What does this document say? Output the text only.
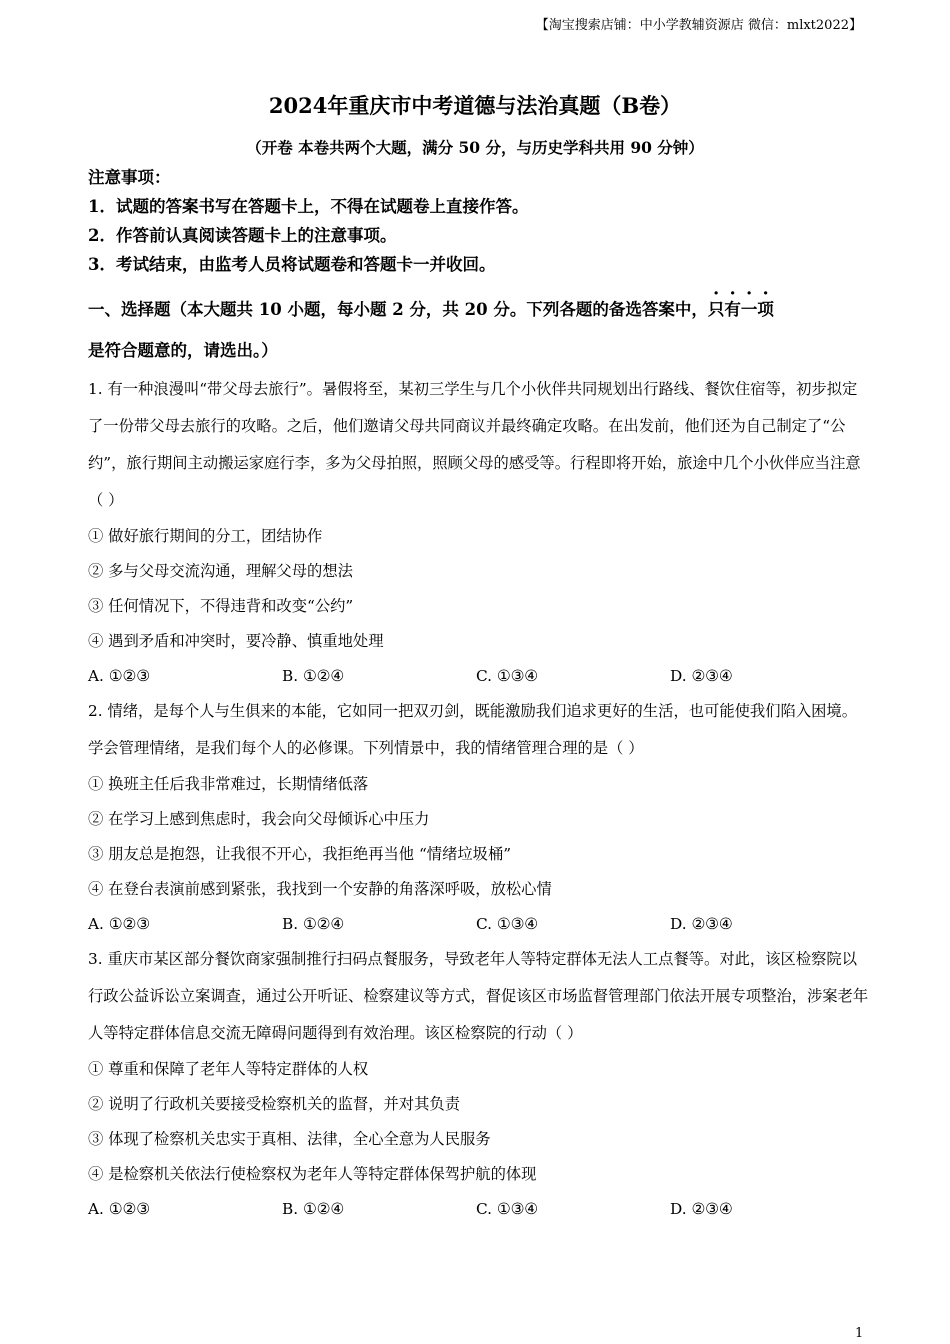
【淘宝搜索店铺：中小学教辅资源店 微信：mlxt2022】
2024年重庆市中考道德与法治真题（B卷）
（开卷 本卷共两个大题，满分 50 分，与历史学科共用 90 分钟）
注意事项：
1．试题的答案书写在答题卡上，不得在试题卷上直接作答。
2．作答前认真阅读答题卡上的注意事项。
3．考试结束，由监考人员将试题卷和答题卡一并收回。
一、选择题（本大题共 10 小题，每小题 2 分，共 20 分。下列各题的备选答案中，只有一项
是符合题意的，请选出。）
1. 有一种浪漫叫“带父母去旅行”。暑假将至，某初三学生与几个小伙伴共同规划出行路线、餐饮住宿等，初步拟定了一份带父母去旅行的攻略。之后，他们邀请父母共同商议并最终确定攻略。在出发前，他们还为自己制定了“公约”，旅行期间主动搬运家庭行李，多为父母拍照，照顾父母的感受等。行程即将开始，旅途中几个小伙伴应当注意（ ）
① 做好旅行期间的分工，团结协作
② 多与父母交流沟通，理解父母的想法
③ 任何情况下，不得违背和改变“公约”
④ 遇到矛盾和冲突时，要冷静、慎重地处理
A. ①②③	B. ①②④	C. ①③④	D. ②③④
2. 情绪，是每个人与生俱来的本能，它如同一把双刃剑，既能激励我们追求更好的生活，也可能使我们陷入困境。学会管理情绪，是我们每个人的必修课。下列情景中，我的情绪管理合理的是（ ）
① 换班主任后我非常难过，长期情绪低落
② 在学习上感到焦虑时，我会向父母倾诉心中压力
③ 朋友总是抱怨，让我很不开心，我拒绝再当他 “情绪垃圾桶”
④ 在登台表演前感到紧张，我找到一个安静的角落深呼吸，放松心情
A. ①②③	B. ①②④	C. ①③④	D. ②③④
3. 重庆市某区部分餐饮商家强制推行扫码点餐服务，导致老年人等特定群体无法人工点餐等。对此，该区检察院以行政公益诉讼立案调查，通过公开听证、检察建议等方式，督促该区市场监督管理部门依法开展专项整治，涉案老年人等特定群体信息交流无障碍问题得到有效治理。该区检察院的行动（ ）
① 尊重和保障了老年人等特定群体的人权
② 说明了行政机关要接受检察机关的监督，并对其负责
③ 体现了检察机关忠实于真相、法律，全心全意为人民服务
④ 是检察机关依法行使检察权为老年人等特定群体保驾护航的体现
A. ①②③	B. ①②④	C. ①③④	D. ②③④
1
